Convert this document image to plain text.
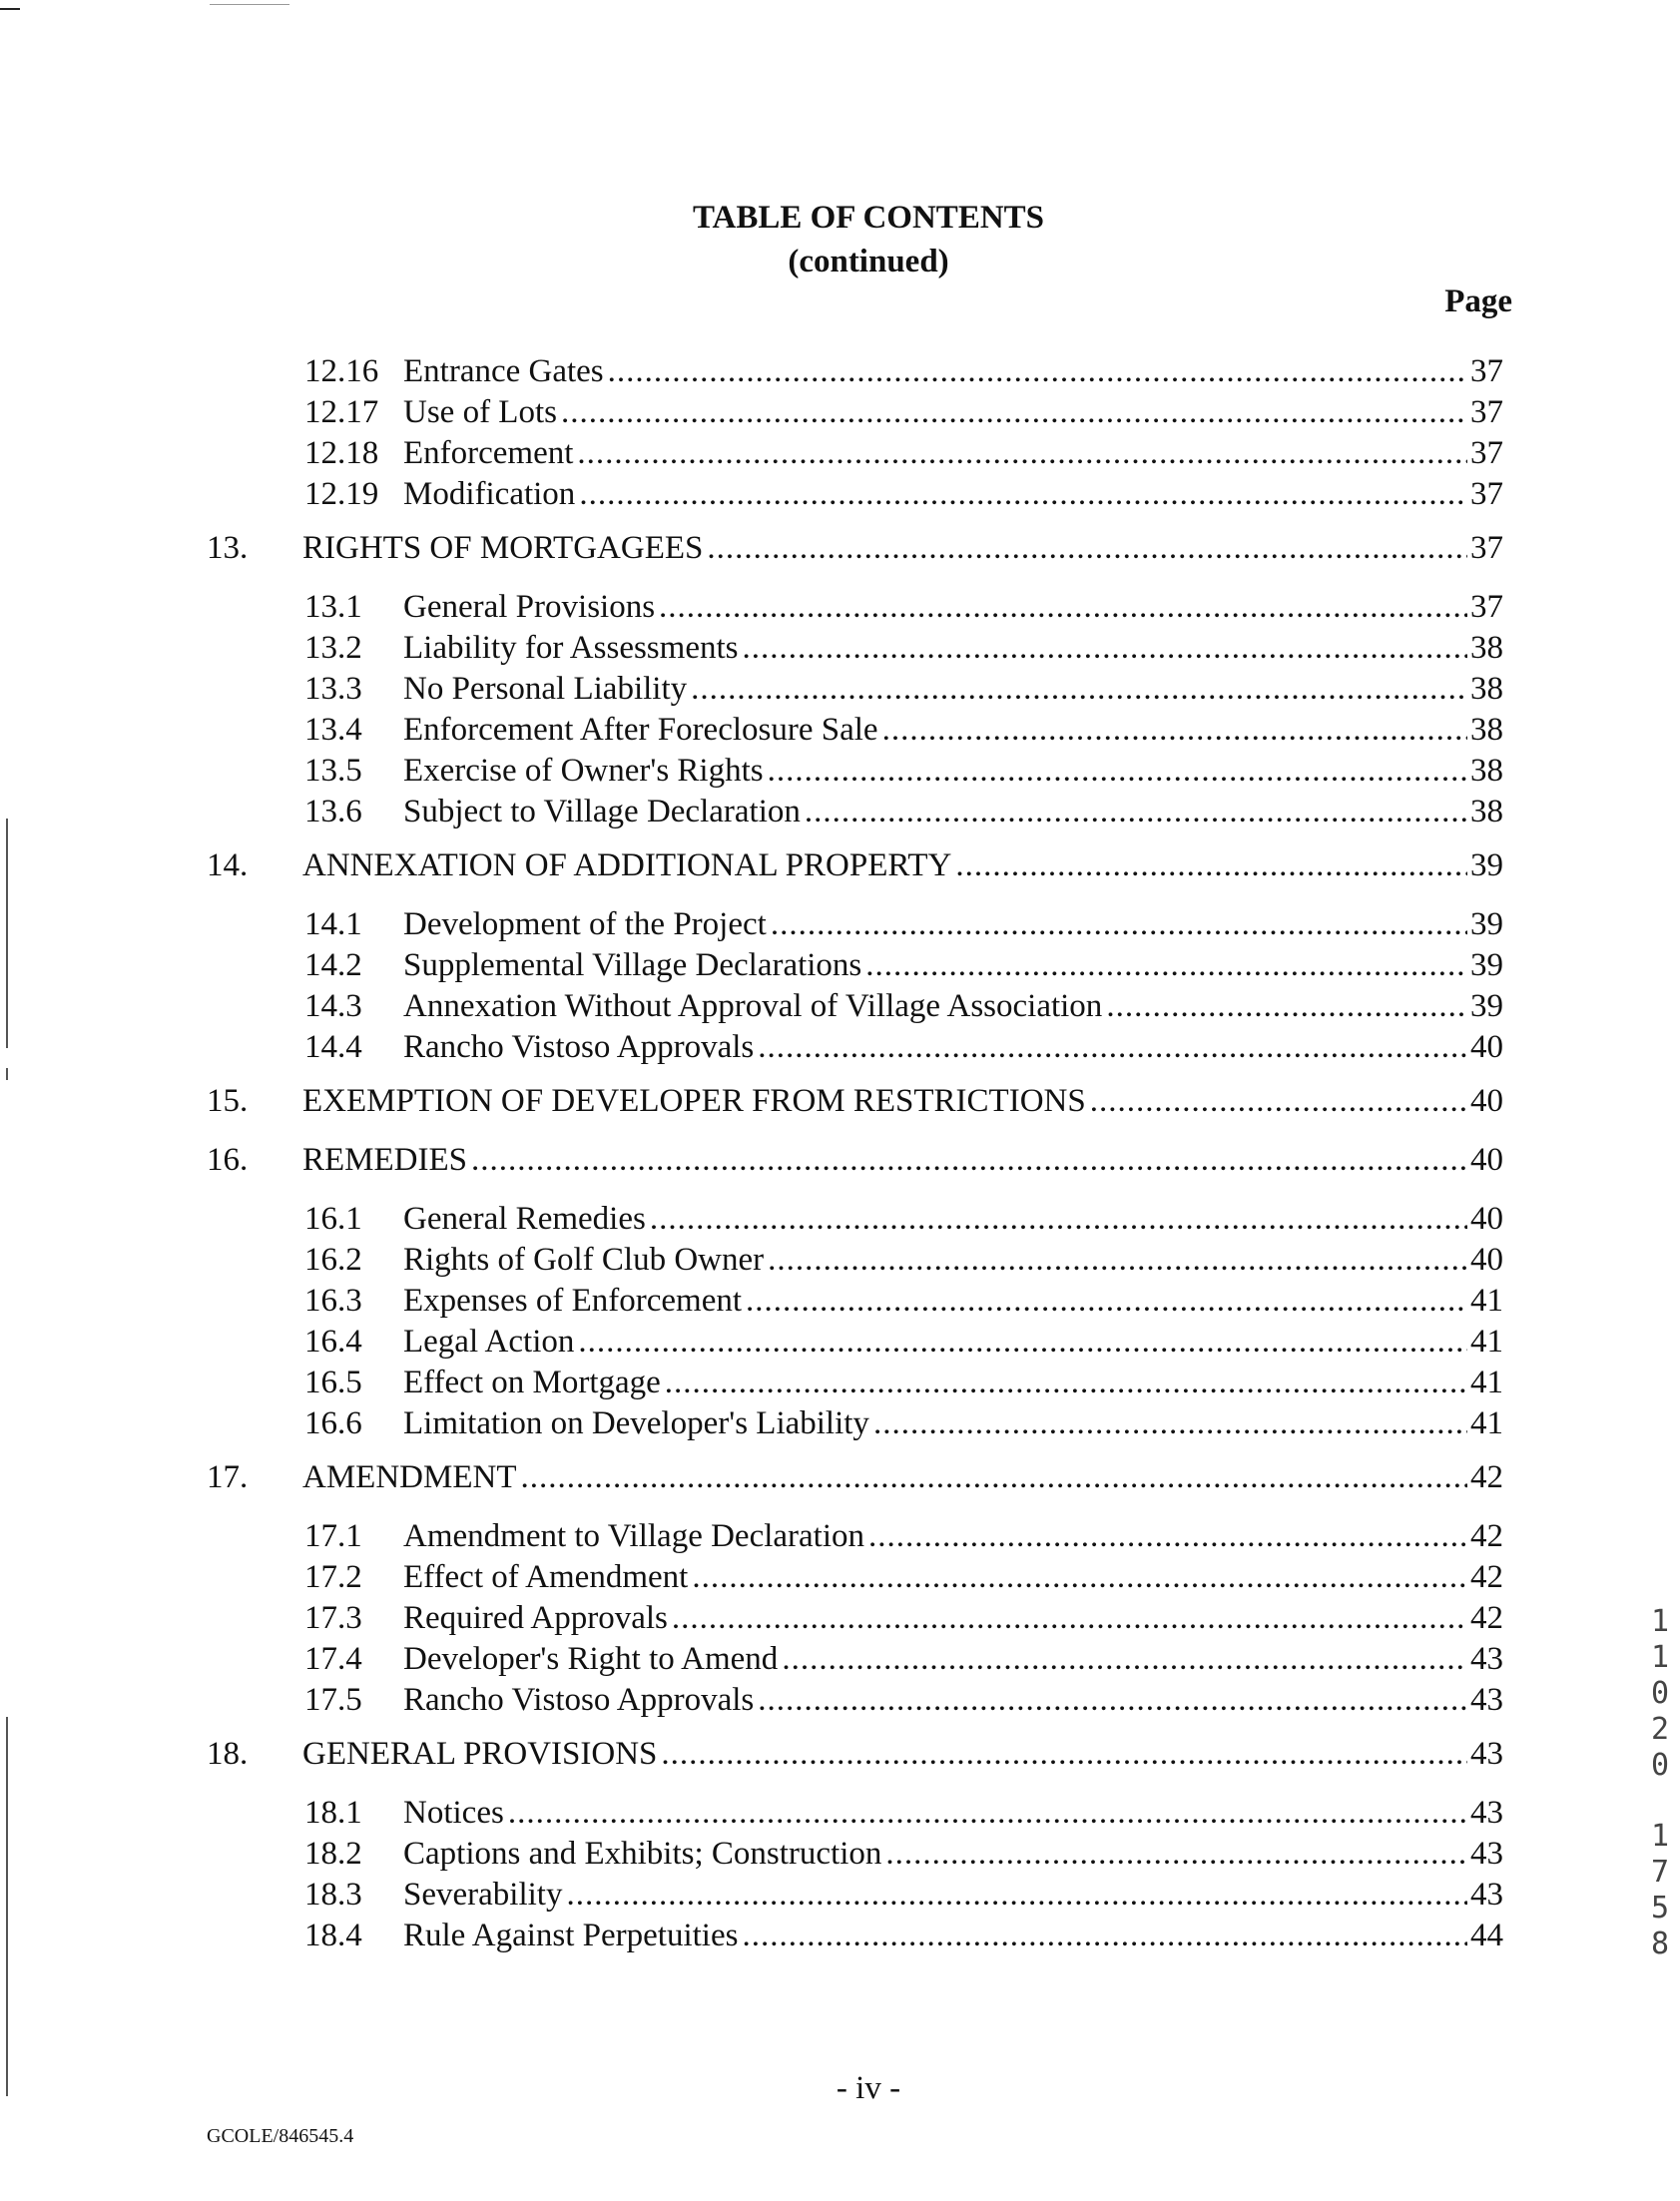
TABLE OF CONTENTS
(continued)
Page
12.16 Entrance Gates .....	37
12.17 Use of Lots .....	37
12.18 Enforcement .....	37
12.19 Modification .....	37
13. RIGHTS OF MORTGAGEES .....	37
13.1 General Provisions .....	37
13.2 Liability for Assessments .....	38
13.3 No Personal Liability .....	38
13.4 Enforcement After Foreclosure Sale .....	38
13.5 Exercise of Owner's Rights .....	38
13.6 Subject to Village Declaration .....	38
14. ANNEXATION OF ADDITIONAL PROPERTY .....	39
14.1 Development of the Project .....	39
14.2 Supplemental Village Declarations .....	39
14.3 Annexation Without Approval of Village Association .....	39
14.4 Rancho Vistoso Approvals .....	40
15. EXEMPTION OF DEVELOPER FROM RESTRICTIONS .....	40
16. REMEDIES .....	40
16.1 General Remedies .....	40
16.2 Rights of Golf Club Owner .....	40
16.3 Expenses of Enforcement .....	41
16.4 Legal Action .....	41
16.5 Effect on Mortgage .....	41
16.6 Limitation on Developer's Liability .....	41
17. AMENDMENT .....	42
17.1 Amendment to Village Declaration .....	42
17.2 Effect of Amendment .....	42
17.3 Required Approvals .....	42
17.4 Developer's Right to Amend .....	43
17.5 Rancho Vistoso Approvals .....	43
18. GENERAL PROVISIONS .....	43
18.1 Notices .....	43
18.2 Captions and Exhibits; Construction .....	43
18.3 Severability .....	43
18.4 Rule Against Perpetuities .....	44
- iv -
GCOLE/846545.4
1
1
0
2
0
1
7
5
8
